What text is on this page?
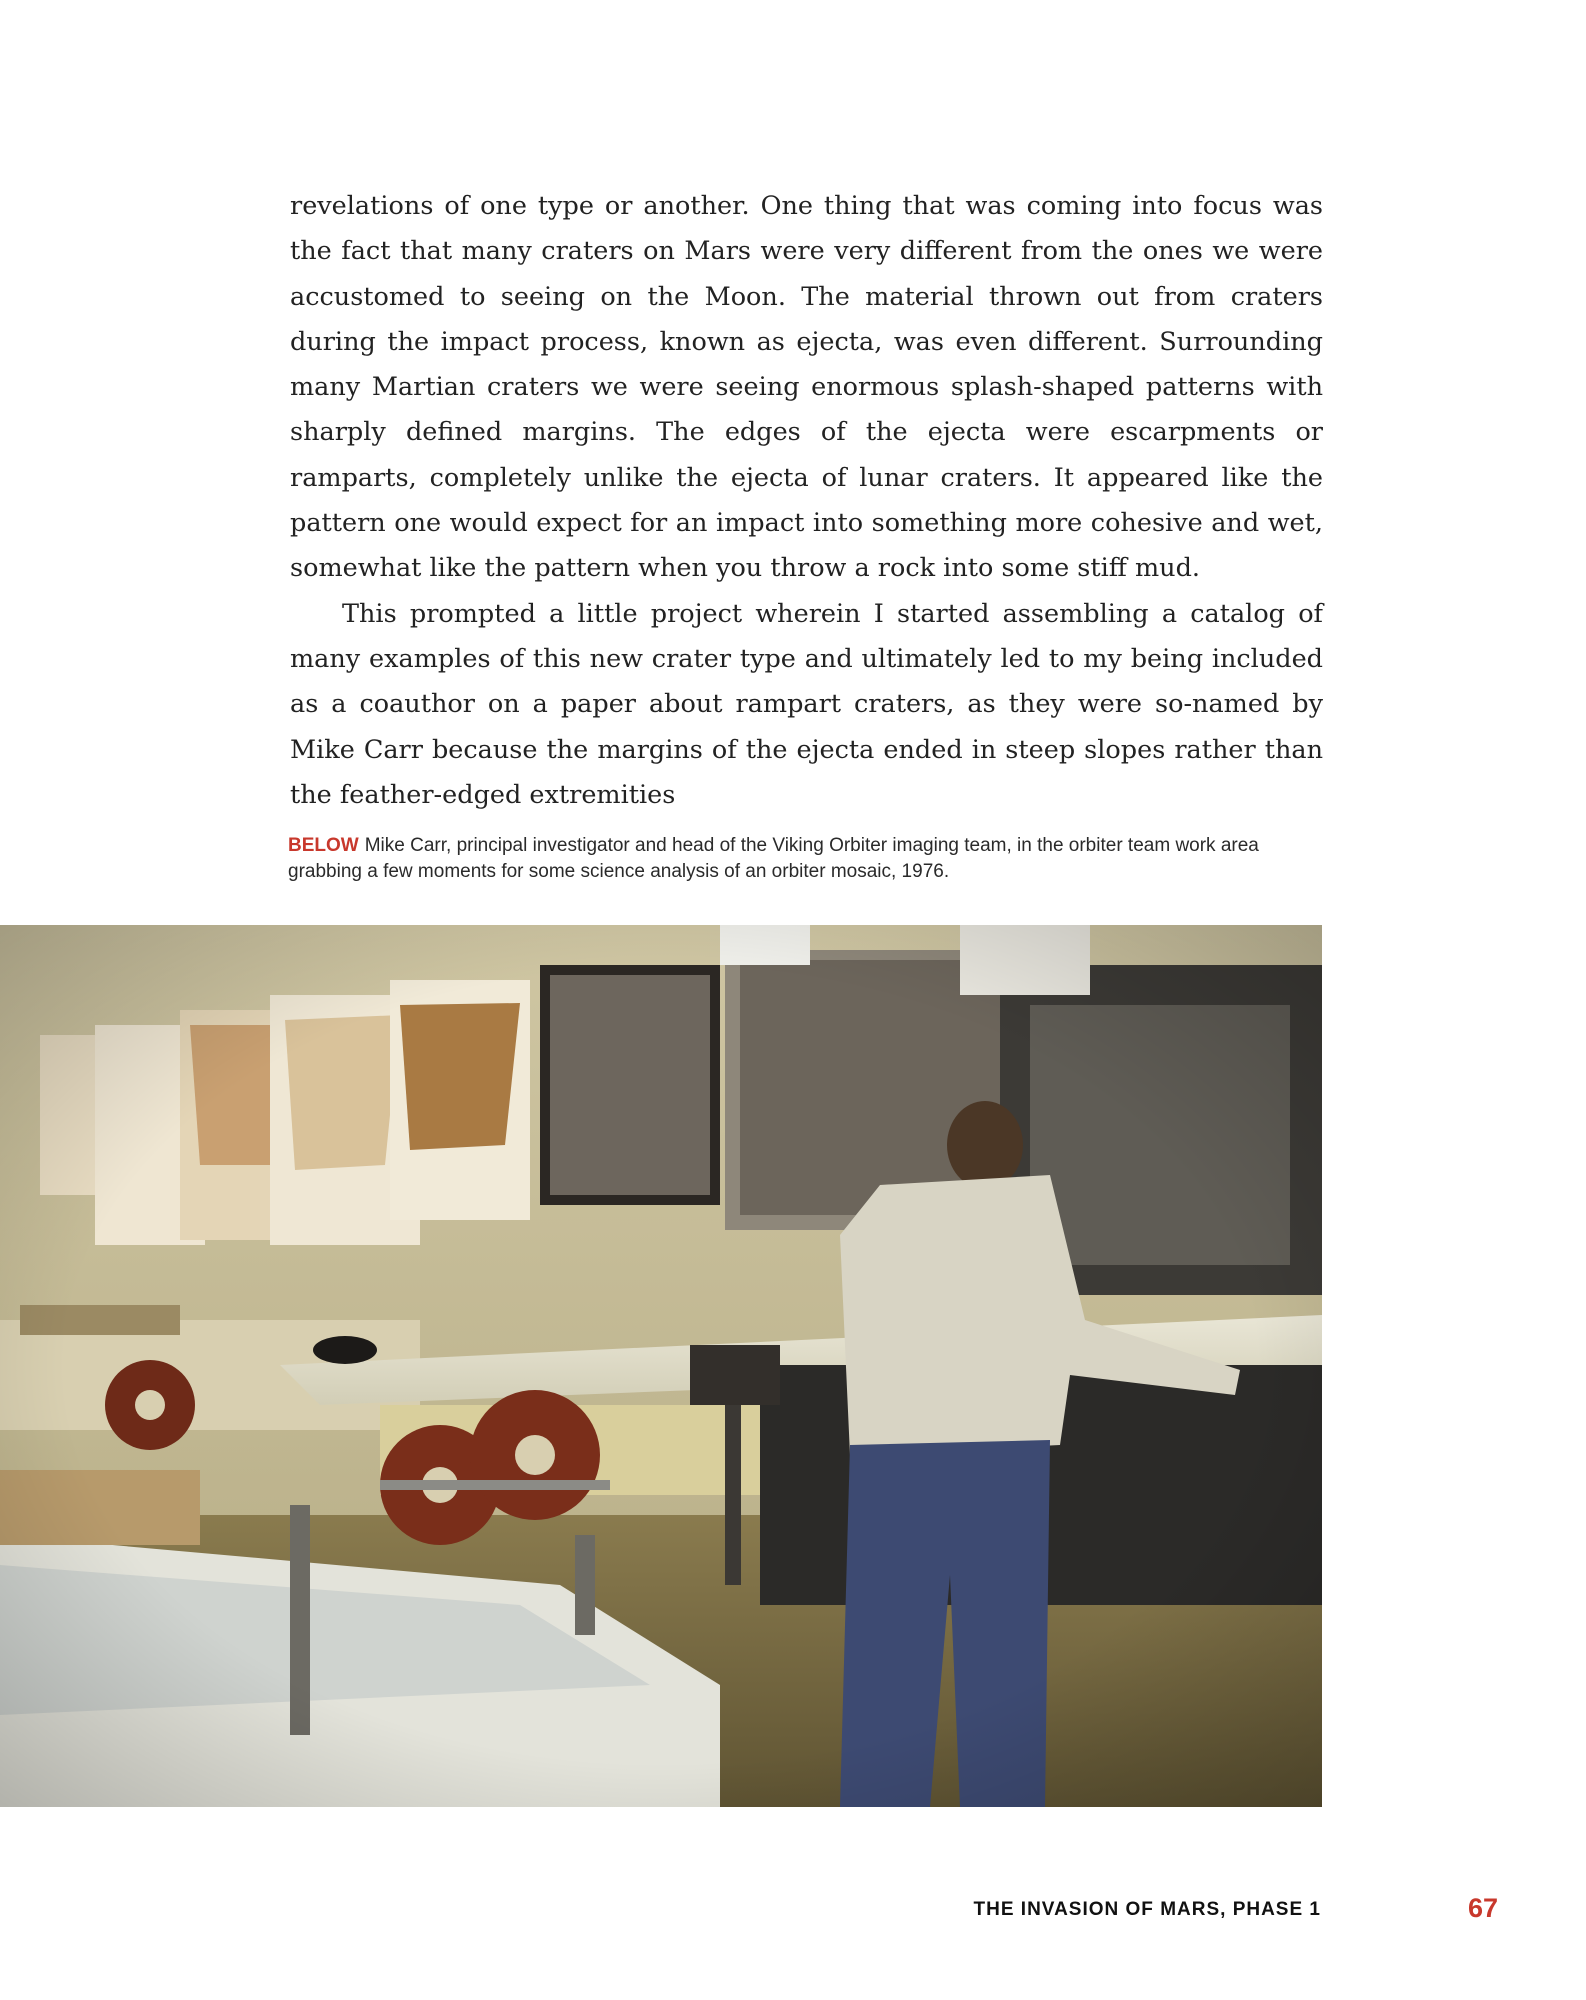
revelations of one type or another. One thing that was coming into focus was the fact that many craters on Mars were very different from the ones we were accustomed to seeing on the Moon. The material thrown out from craters during the impact process, known as ejecta, was even different. Surrounding many Martian craters we were seeing enormous splash-shaped patterns with sharply defined margins. The edges of the ejecta were escarpments or ramparts, completely unlike the ejecta of lunar craters. It appeared like the pattern one would expect for an impact into something more cohesive and wet, somewhat like the pattern when you throw a rock into some stiff mud.

This prompted a little project wherein I started assembling a catalog of many examples of this new crater type and ultimately led to my being included as a coauthor on a paper about rampart craters, as they were so-named by Mike Carr because the margins of the ejecta ended in steep slopes rather than the feather-edged extremities

BELOW Mike Carr, principal investigator and head of the Viking Orbiter imaging team, in the orbiter team work area grabbing a few moments for some science analysis of an orbiter mosaic, 1976.
THE INVASION OF MARS, PHASE 1	67
